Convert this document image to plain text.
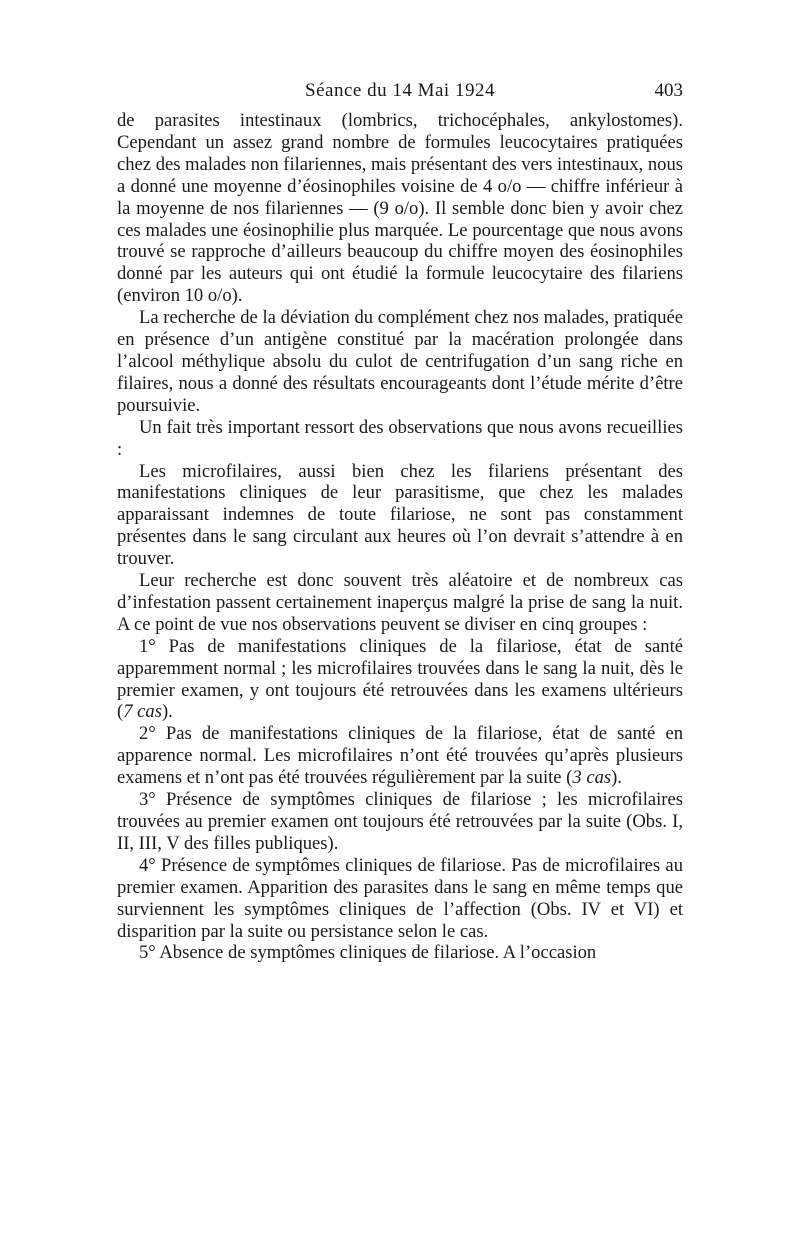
Séance du 14 Mai 1924	403

de parasites intestinaux (lombrics, trichocéphales, ankylostomes). Cependant un assez grand nombre de formules leucocytaires pratiquées chez des malades non filariennes, mais présentant des vers intestinaux, nous a donné une moyenne d’éosinophiles voisine de 4 o/o — chiffre inférieur à la moyenne de nos filariennes — (9 o/o). Il semble donc bien y avoir chez ces malades une éosinophilie plus marquée. Le pourcentage que nous avons trouvé se rapproche d’ailleurs beaucoup du chiffre moyen des éosinophiles donné par les auteurs qui ont étudié la formule leucocytaire des filariens (environ 10 o/o).

La recherche de la déviation du complément chez nos malades, pratiquée en présence d’un antigène constitué par la macération prolongée dans l’alcool méthylique absolu du culot de centrifugation d’un sang riche en filaires, nous a donné des résultats encourageants dont l’étude mérite d’être poursuivie.

Un fait très important ressort des observations que nous avons recueillies :

Les microfilaires, aussi bien chez les filariens présentant des manifestations cliniques de leur parasitisme, que chez les malades apparaissant indemnes de toute filariose, ne sont pas constamment présentes dans le sang circulant aux heures où l’on devrait s’attendre à en trouver.

Leur recherche est donc souvent très aléatoire et de nombreux cas d’infestation passent certainement inaperçus malgré la prise de sang la nuit. A ce point de vue nos observations peuvent se diviser en cinq groupes :

1° Pas de manifestations cliniques de la filariose, état de santé apparemment normal ; les microfilaires trouvées dans le sang la nuit, dès le premier examen, y ont toujours été retrouvées dans les examens ultérieurs (7 cas).

2° Pas de manifestations cliniques de la filariose, état de santé en apparence normal. Les microfilaires n’ont été trouvées qu’après plusieurs examens et n’ont pas été trouvées régulièrement par la suite (3 cas).

3° Présence de symptômes cliniques de filariose ; les microfilaires trouvées au premier examen ont toujours été retrouvées par la suite (Obs. I, II, III, V des filles publiques).

4° Présence de symptômes cliniques de filariose. Pas de microfilaires au premier examen. Apparition des parasites dans le sang en même temps que surviennent les symptômes cliniques de l’affection (Obs. IV et VI) et disparition par la suite ou persistance selon le cas.

5° Absence de symptômes cliniques de filariose. A l’occasion
